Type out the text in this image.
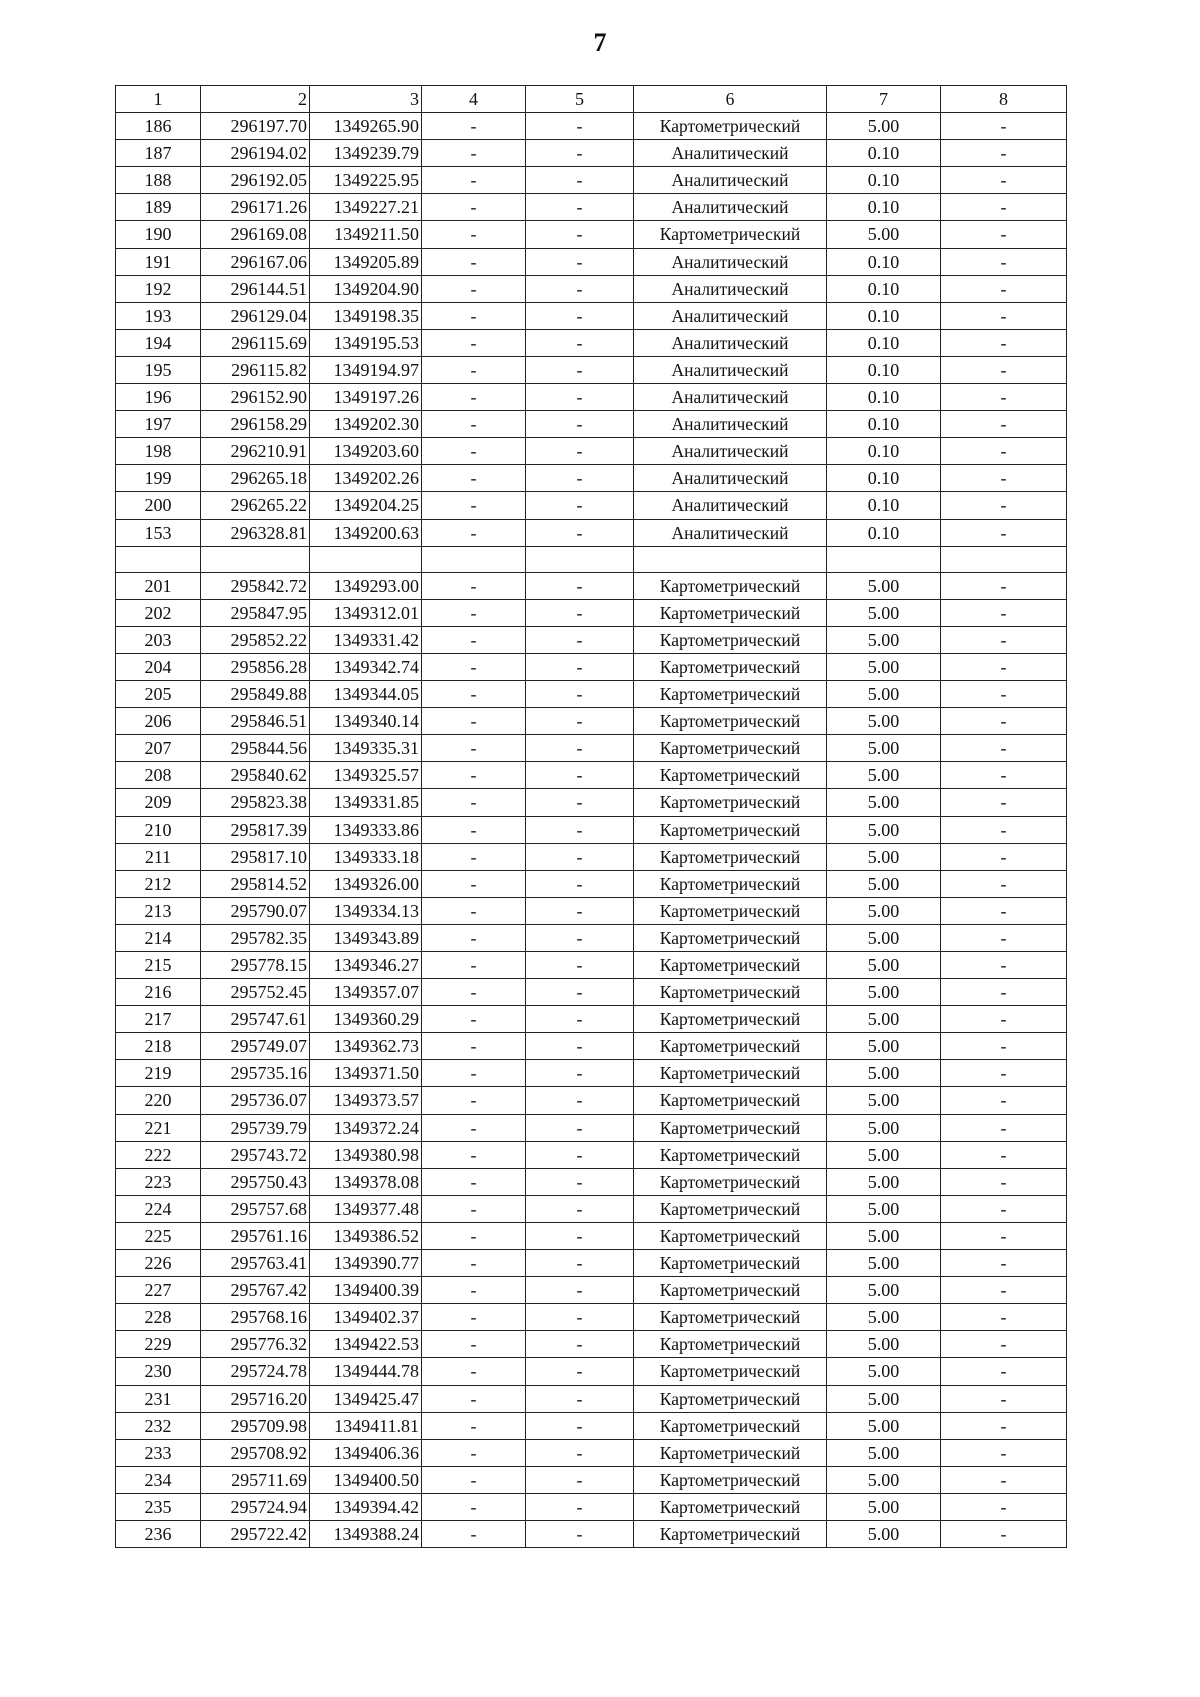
7
1	2	3	4	5	6	7	8
186	296197.70	1349265.90	-	-	Картометрический	5.00	-
187	296194.02	1349239.79	-	-	Аналитический	0.10	-
188	296192.05	1349225.95	-	-	Аналитический	0.10	-
189	296171.26	1349227.21	-	-	Аналитический	0.10	-
190	296169.08	1349211.50	-	-	Картометрический	5.00	-
191	296167.06	1349205.89	-	-	Аналитический	0.10	-
192	296144.51	1349204.90	-	-	Аналитический	0.10	-
193	296129.04	1349198.35	-	-	Аналитический	0.10	-
194	296115.69	1349195.53	-	-	Аналитический	0.10	-
195	296115.82	1349194.97	-	-	Аналитический	0.10	-
196	296152.90	1349197.26	-	-	Аналитический	0.10	-
197	296158.29	1349202.30	-	-	Аналитический	0.10	-
198	296210.91	1349203.60	-	-	Аналитический	0.10	-
199	296265.18	1349202.26	-	-	Аналитический	0.10	-
200	296265.22	1349204.25	-	-	Аналитический	0.10	-
153	296328.81	1349200.63	-	-	Аналитический	0.10	-

201	295842.72	1349293.00	-	-	Картометрический	5.00	-
202	295847.95	1349312.01	-	-	Картометрический	5.00	-
203	295852.22	1349331.42	-	-	Картометрический	5.00	-
204	295856.28	1349342.74	-	-	Картометрический	5.00	-
205	295849.88	1349344.05	-	-	Картометрический	5.00	-
206	295846.51	1349340.14	-	-	Картометрический	5.00	-
207	295844.56	1349335.31	-	-	Картометрический	5.00	-
208	295840.62	1349325.57	-	-	Картометрический	5.00	-
209	295823.38	1349331.85	-	-	Картометрический	5.00	-
210	295817.39	1349333.86	-	-	Картометрический	5.00	-
211	295817.10	1349333.18	-	-	Картометрический	5.00	-
212	295814.52	1349326.00	-	-	Картометрический	5.00	-
213	295790.07	1349334.13	-	-	Картометрический	5.00	-
214	295782.35	1349343.89	-	-	Картометрический	5.00	-
215	295778.15	1349346.27	-	-	Картометрический	5.00	-
216	295752.45	1349357.07	-	-	Картометрический	5.00	-
217	295747.61	1349360.29	-	-	Картометрический	5.00	-
218	295749.07	1349362.73	-	-	Картометрический	5.00	-
219	295735.16	1349371.50	-	-	Картометрический	5.00	-
220	295736.07	1349373.57	-	-	Картометрический	5.00	-
221	295739.79	1349372.24	-	-	Картометрический	5.00	-
222	295743.72	1349380.98	-	-	Картометрический	5.00	-
223	295750.43	1349378.08	-	-	Картометрический	5.00	-
224	295757.68	1349377.48	-	-	Картометрический	5.00	-
225	295761.16	1349386.52	-	-	Картометрический	5.00	-
226	295763.41	1349390.77	-	-	Картометрический	5.00	-
227	295767.42	1349400.39	-	-	Картометрический	5.00	-
228	295768.16	1349402.37	-	-	Картометрический	5.00	-
229	295776.32	1349422.53	-	-	Картометрический	5.00	-
230	295724.78	1349444.78	-	-	Картометрический	5.00	-
231	295716.20	1349425.47	-	-	Картометрический	5.00	-
232	295709.98	1349411.81	-	-	Картометрический	5.00	-
233	295708.92	1349406.36	-	-	Картометрический	5.00	-
234	295711.69	1349400.50	-	-	Картометрический	5.00	-
235	295724.94	1349394.42	-	-	Картометрический	5.00	-
236	295722.42	1349388.24	-	-	Картометрический	5.00	-
